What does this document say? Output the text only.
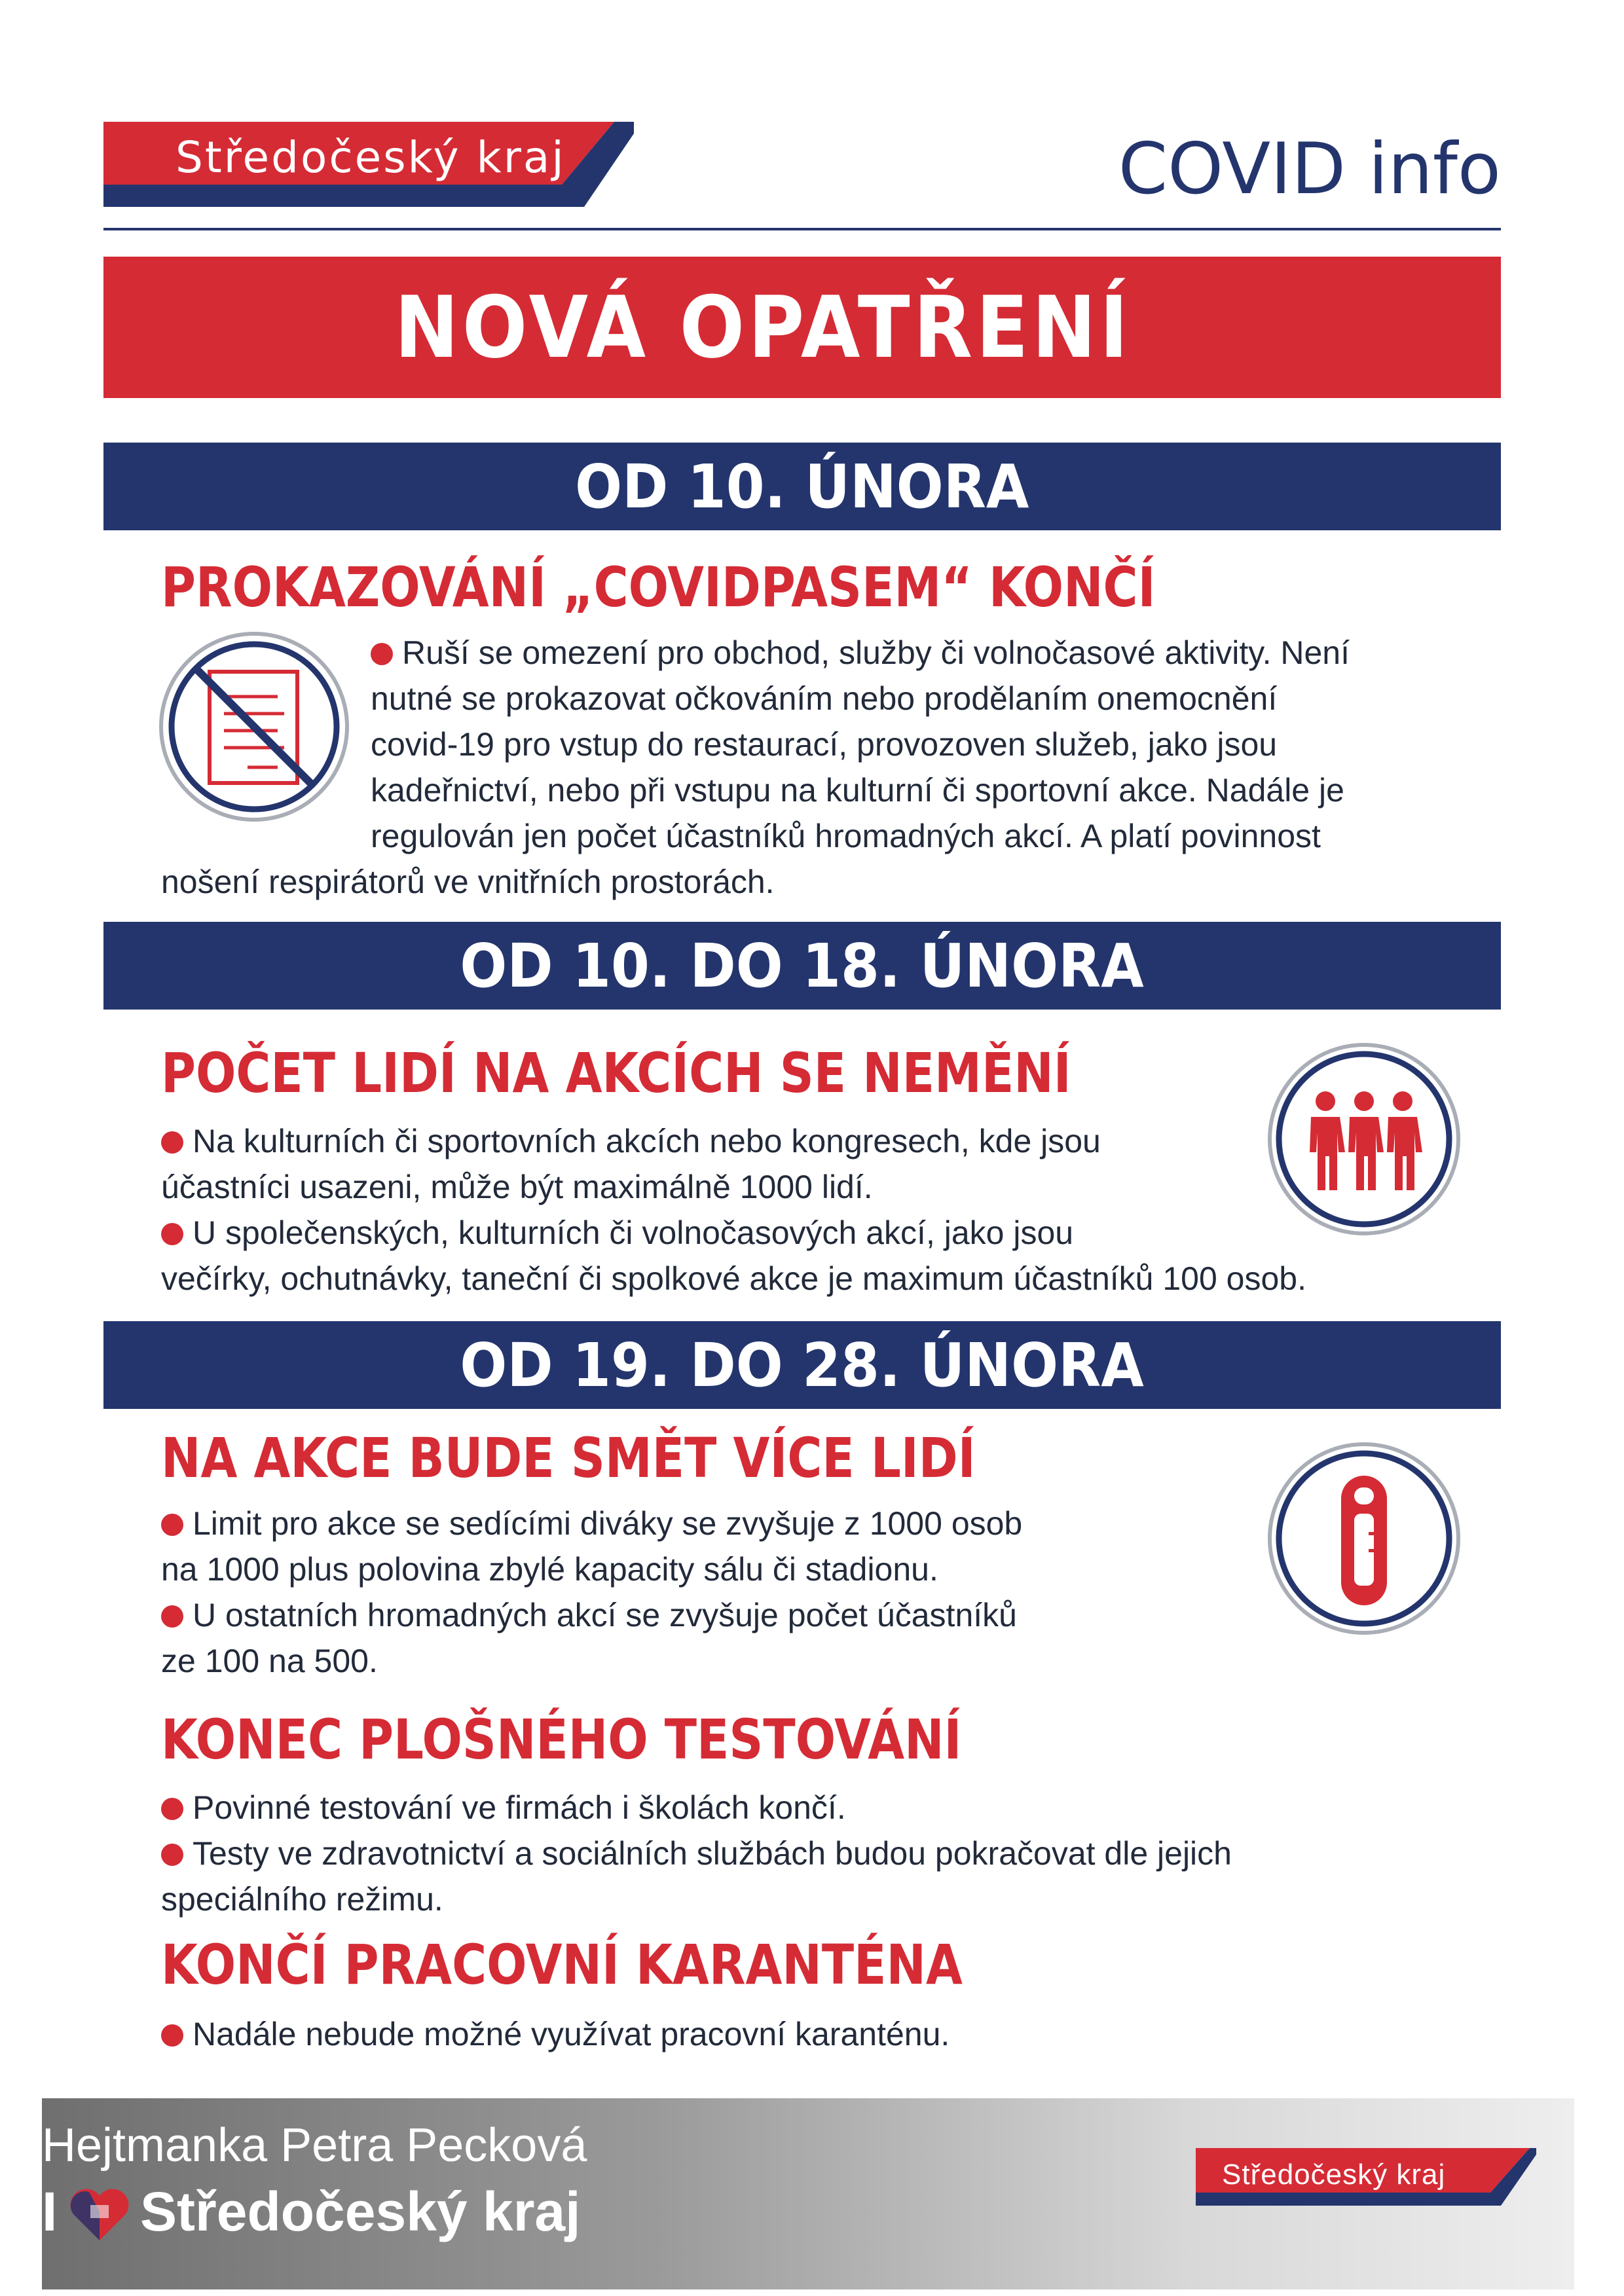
Středočeský kraj	COVID info
NOVÁ OPATŘENÍ
OD 10. ÚNORA
PROKAZOVÁNÍ „COVIDPASEM“ KONČÍ
Ruší se omezení pro obchod, služby či volnočasové aktivity. Není
nutné se prokazovat očkováním nebo prodělaním onemocnění
covid-19 pro vstup do restaurací, provozoven služeb, jako jsou
kadeřnictví, nebo při vstupu na kulturní či sportovní akce. Nadále je
regulován jen počet účastníků hromadných akcí. A platí povinnost
nošení respirátorů ve vnitřních prostorách.
OD 10. DO 18. ÚNORA
POČET LIDÍ NA AKCÍCH SE NEMĚNÍ
Na kulturních či sportovních akcích nebo kongresech, kde jsou
účastníci usazeni, může být maximálně 1000 lidí.
U společenských, kulturních či volnočasových akcí, jako jsou
večírky, ochutnávky, taneční či spolkové akce je maximum účastníků 100 osob.
OD 19. DO 28. ÚNORA
NA AKCE BUDE SMĚT VÍCE LIDÍ
Limit pro akce se sedícími diváky se zvyšuje z 1000 osob
na 1000 plus polovina zbylé kapacity sálu či stadionu.
U ostatních hromadných akcí se zvyšuje počet účastníků
ze 100 na 500.
KONEC PLOŠNÉHO TESTOVÁNÍ
Povinné testování ve firmách i školách končí.
Testy ve zdravotnictví a sociálních službách budou pokračovat dle jejich
speciálního režimu.
KONČÍ PRACOVNÍ KARANTÉNA
Nadále nebude možné využívat pracovní karanténu.
Hejtmanka Petra Pecková
I Středočeský kraj
Středočeský kraj
